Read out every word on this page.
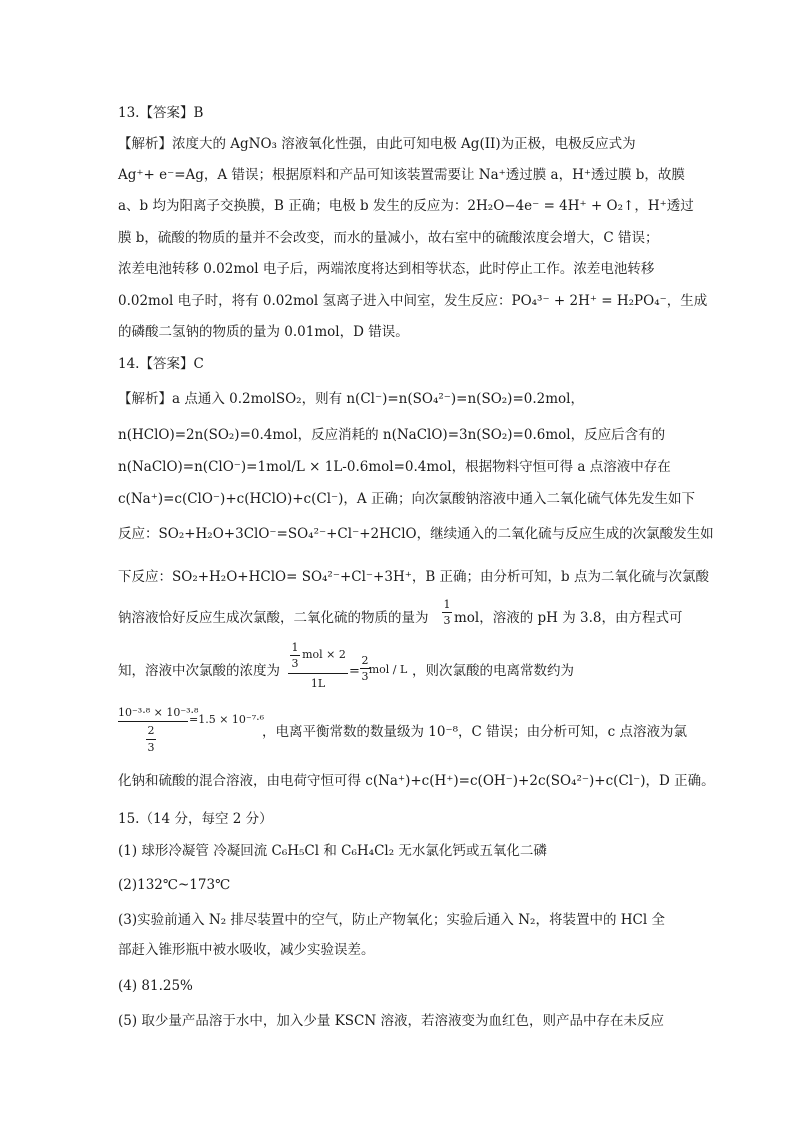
13.【答案】B
【解析】浓度大的 AgNO₃ 溶液氧化性强，由此可知电极 Ag(II)为正极，电极反应式为
Ag⁺+ e⁻=Ag，A 错误；根据原料和产品可知该装置需要让 Na⁺透过膜 a，H⁺透过膜 b，故膜
a、b 均为阳离子交换膜，B 正确；电极 b 发生的反应为：2H₂O−4e⁻ = 4H⁺ + O₂↑，H⁺透过
膜 b，硫酸的物质的量并不会改变，而水的量减小，故右室中的硫酸浓度会增大，C 错误；
浓差电池转移 0.02mol 电子后，两端浓度将达到相等状态，此时停止工作。浓差电池转移
0.02mol 电子时，将有 0.02mol 氢离子进入中间室，发生反应：PO₄³⁻ + 2H⁺ = H₂PO₄⁻，生成
的磷酸二氢钠的物质的量为 0.01mol，D 错误。
14.【答案】C
【解析】a 点通入 0.2molSO₂，则有 n(Cl⁻)=n(SO₄²⁻)=n(SO₂)=0.2mol，
n(HClO)=2n(SO₂)=0.4mol，反应消耗的 n(NaClO)=3n(SO₂)=0.6mol，反应后含有的
n(NaClO)=n(ClO⁻)=1mol/L × 1L-0.6mol=0.4mol，根据物料守恒可得 a 点溶液中存在
c(Na⁺)=c(ClO⁻)+c(HClO)+c(Cl⁻)，A 正确；向次氯酸钠溶液中通入二氧化硫气体先发生如下
反应：SO₂+H₂O+3ClO⁻=SO₄²⁻+Cl⁻+2HClO，继续通入的二氧化硫与反应生成的次氯酸发生如
下反应：SO₂+H₂O+HClO= SO₄²⁻+Cl⁻+3H⁺，B 正确；由分析可知，b 点为二氧化硫与次氯酸
钠溶液恰好反应生成次氯酸，二氧化硫的物质的量为
1
3 mol，溶液的 pH 为 3.8，由方程式可
知，溶液中次氯酸的浓度为
1
3
mol × 2
1L
=
2
3
mol / L ，则次氯酸的电离常数约为
10⁻³·⁸ × 10⁻³·⁸
2
3
=1.5 × 10⁻⁷·⁶
，电离平衡常数的数量级为 10⁻⁸，C 错误；由分析可知，c 点溶液为氯
化钠和硫酸的混合溶液，由电荷守恒可得 c(Na⁺)+c(H⁺)=c(OH⁻)+2c(SO₄²⁻)+c(Cl⁻)，D 正确。
15.（14 分，每空 2 分）
(1) 球形冷凝管 冷凝回流 C₆H₅Cl 和 C₆H₄Cl₂ 无水氯化钙或五氧化二磷
(2)132℃~173℃
(3)实验前通入 N₂ 排尽装置中的空气，防止产物氧化；实验后通入 N₂，将装置中的 HCl 全
部赶入锥形瓶中被水吸收，减少实验误差。
(4) 81.25%
(5) 取少量产品溶于水中，加入少量 KSCN 溶液，若溶液变为血红色，则产品中存在未反应
